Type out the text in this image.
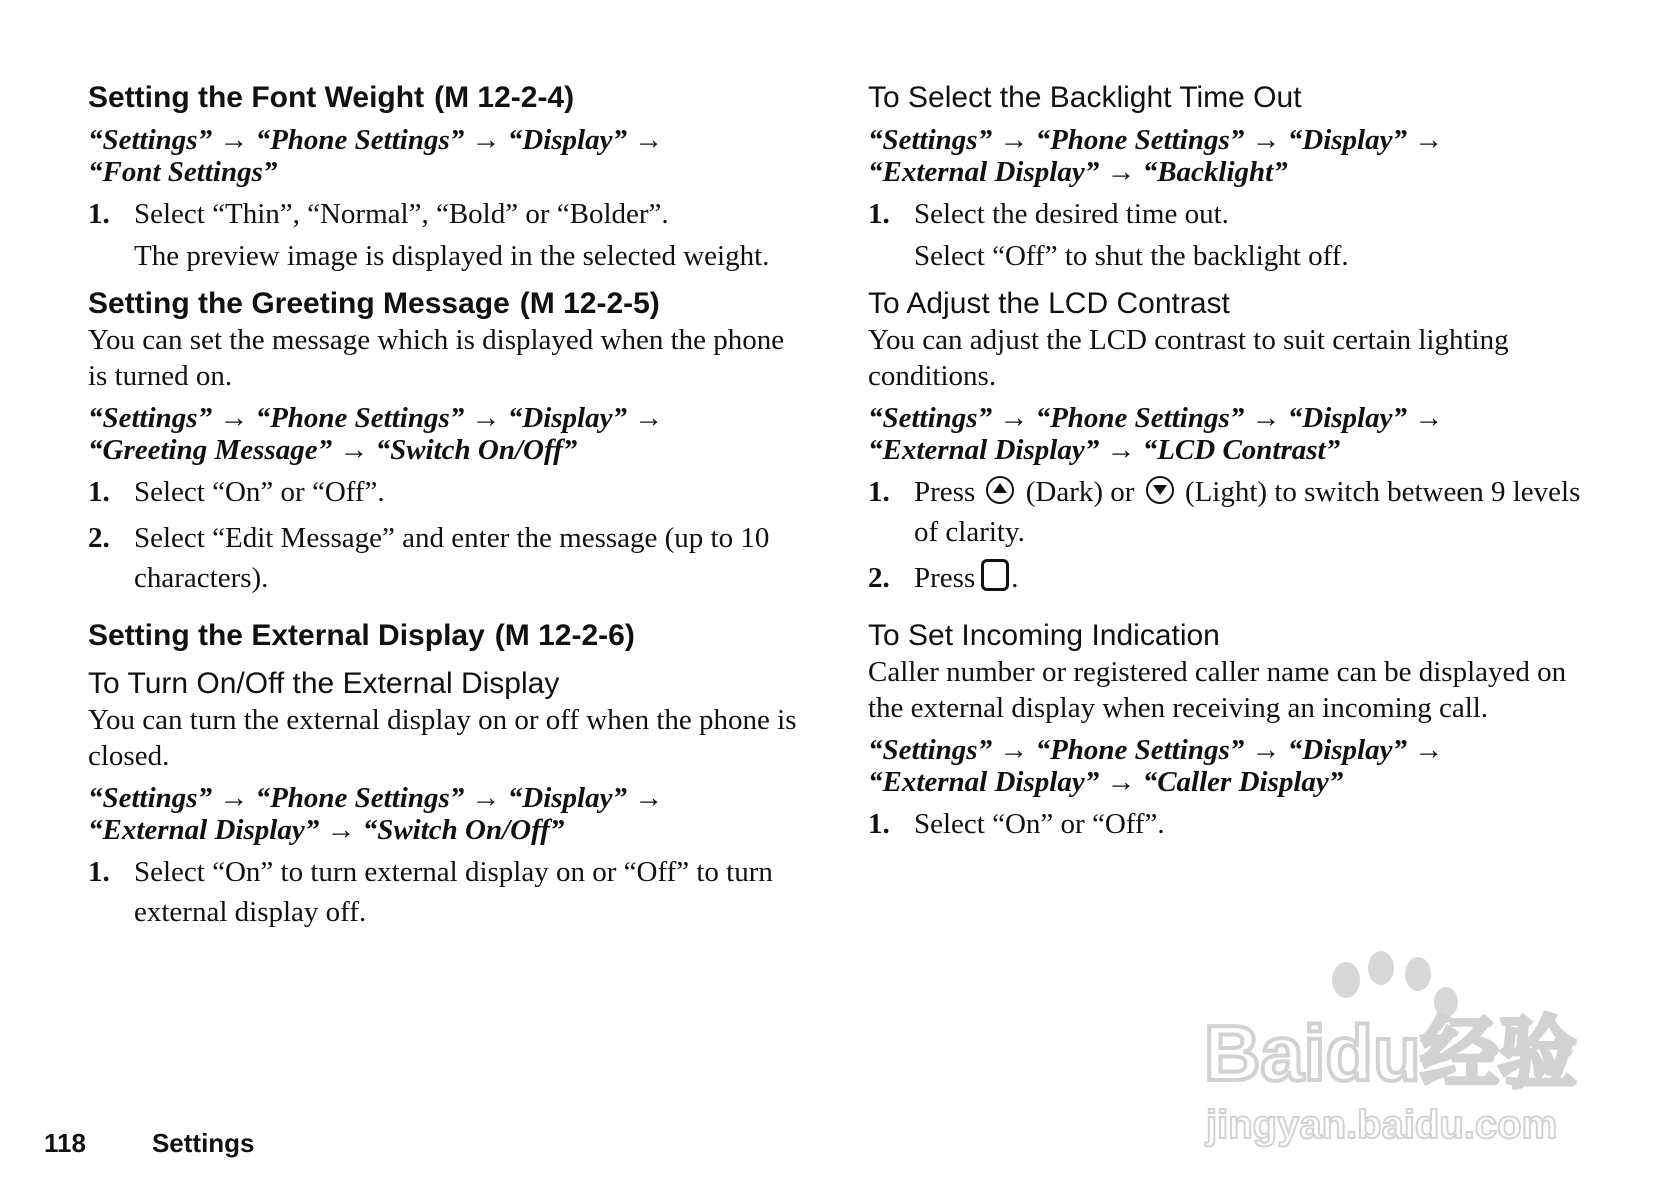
Setting the Font Weight (M 12-2-4)
“Settings” → “Phone Settings” → “Display” →
“Font Settings”

1. Select “Thin”, “Normal”, “Bold” or “Bolder”.

The preview image is displayed in the selected weight.

Setting the Greeting Message (M 12-2-5)

You can set the message which is displayed when the phone is turned on.

“Settings” → “Phone Settings” → “Display” →
“Greeting Message” → “Switch On/Off”

1. Select “On” or “Off”.

2. Select “Edit Message” and enter the message (up to 10 characters).

Setting the External Display (M 12-2-6)
To Turn On/Off the External Display

You can turn the external display on or off when the phone is closed.

“Settings” → “Phone Settings” → “Display” →
“External Display” → “Switch On/Off”

1. Select “On” to turn external display on or “Off” to turn external display off.

To Select the Backlight Time Out
“Settings” → “Phone Settings” → “Display” →
“External Display” → “Backlight”

1. Select the desired time out.

Select “Off” to shut the backlight off.

To Adjust the LCD Contrast

You can adjust the LCD contrast to suit certain lighting conditions.

“Settings” → “Phone Settings” → “Display” →
“External Display” → “LCD Contrast”

1. Press (Dark) or (Light) to switch between 9 levels of clarity.

2. Press .

To Set Incoming Indication

Caller number or registered caller name can be displayed on the external display when receiving an incoming call.

“Settings” → “Phone Settings” → “Display” →
“External Display” → “Caller Display”

1. Select “On” or “Off”.

118	Settings
Baidu经验
jingyan.baidu.com
